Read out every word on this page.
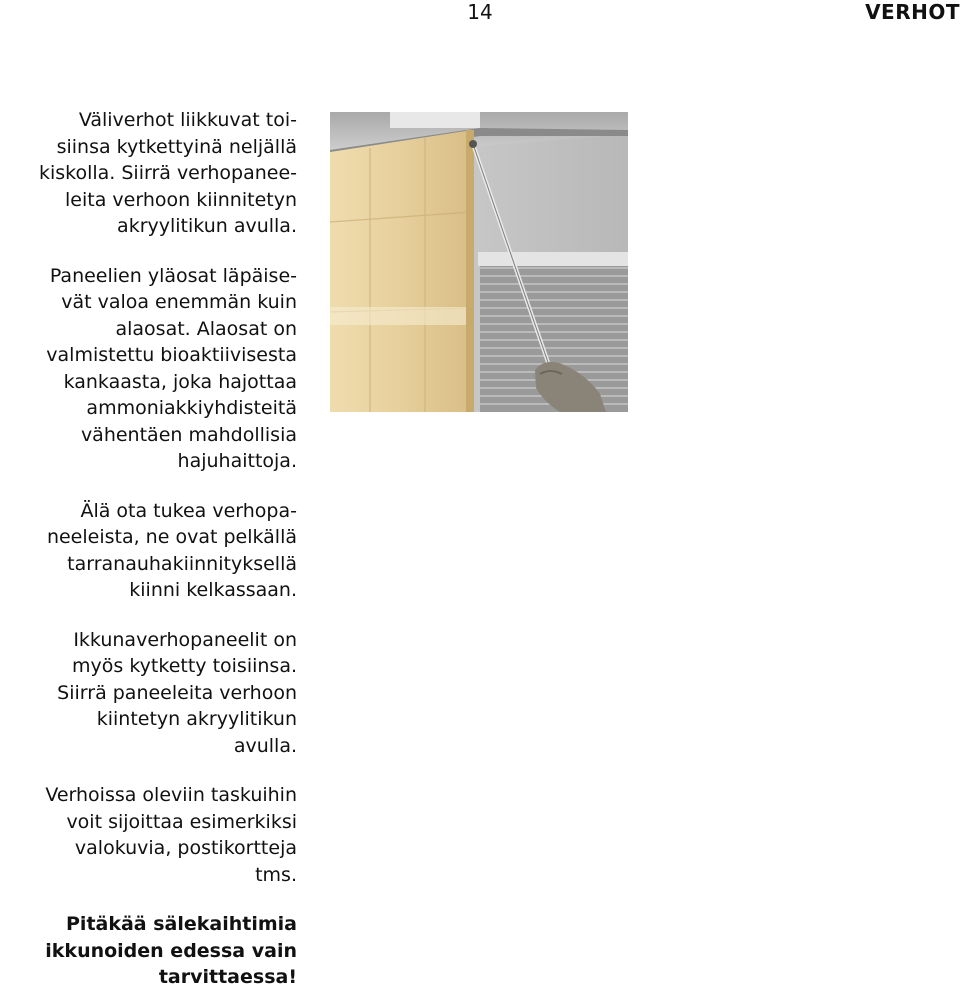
14	VERHOT

Väliverhot liikkuvat toi-
siinsa kytkettyinä neljällä
kiskolla. Siirrä verhopanee-
leita verhoon kiinnitetyn
akryylitikun avulla.

Paneelien yläosat läpäise-
vät valoa enemmän kuin
alaosat. Alaosat on
valmistettu bioaktiivisesta
kankaasta, joka hajottaa
ammoniakkiyhdisteitä
vähentäen mahdollisia
hajuhaittoja.

Älä ota tukea verhopa-
neeleista, ne ovat pelkällä
tarranauhakiinnityksellä
kiinni kelkassaan.

Ikkunaverhopaneelit on
myös kytketty toisiinsa.
Siirrä paneeleita verhoon
kiintetyn akryylitikun
avulla.

Verhoissa oleviin taskuihin
voit sijoittaa esimerkiksi
valokuvia, postikortteja
tms.

Pitäkää sälekaihtimia
ikkunoiden edessa vain
tarvittaessa!
